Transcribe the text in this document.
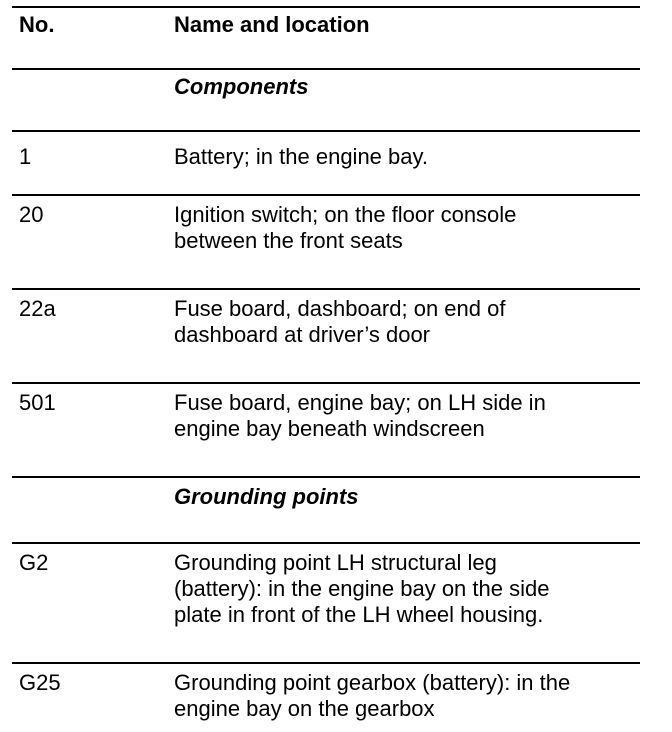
No.	Name and location
Components
1	Battery; in the engine bay.
20	Ignition switch; on the floor console
between the front seats
22a	Fuse board, dashboard; on end of
dashboard at driver’s door
501	Fuse board, engine bay; on LH side in
engine bay beneath windscreen
Grounding points
G2	Grounding point LH structural leg
(battery): in the engine bay on the side
plate in front of the LH wheel housing.
G25	Grounding point gearbox (battery): in the
engine bay on the gearbox
